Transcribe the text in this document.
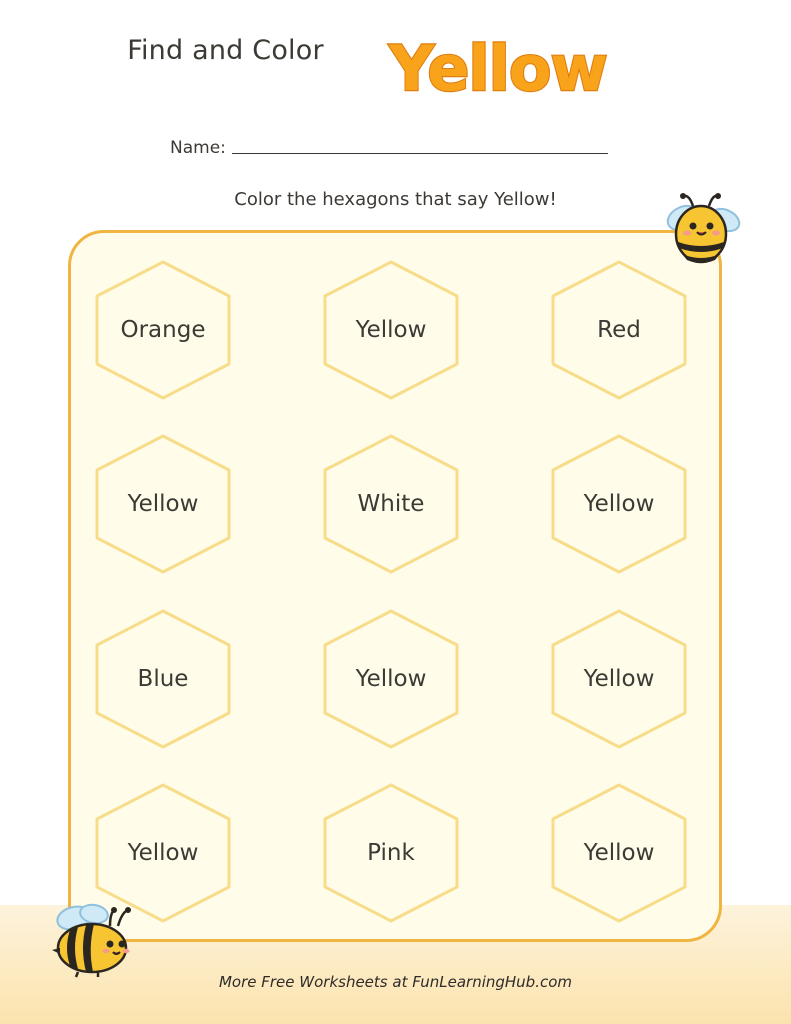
Find and Color Yellow
Name:
Color the hexagons that say Yellow!
Orange	Yellow	Red
Yellow	White	Yellow
Blue	Yellow	Yellow
Yellow	Pink	Yellow
More Free Worksheets at FunLearningHub.com
